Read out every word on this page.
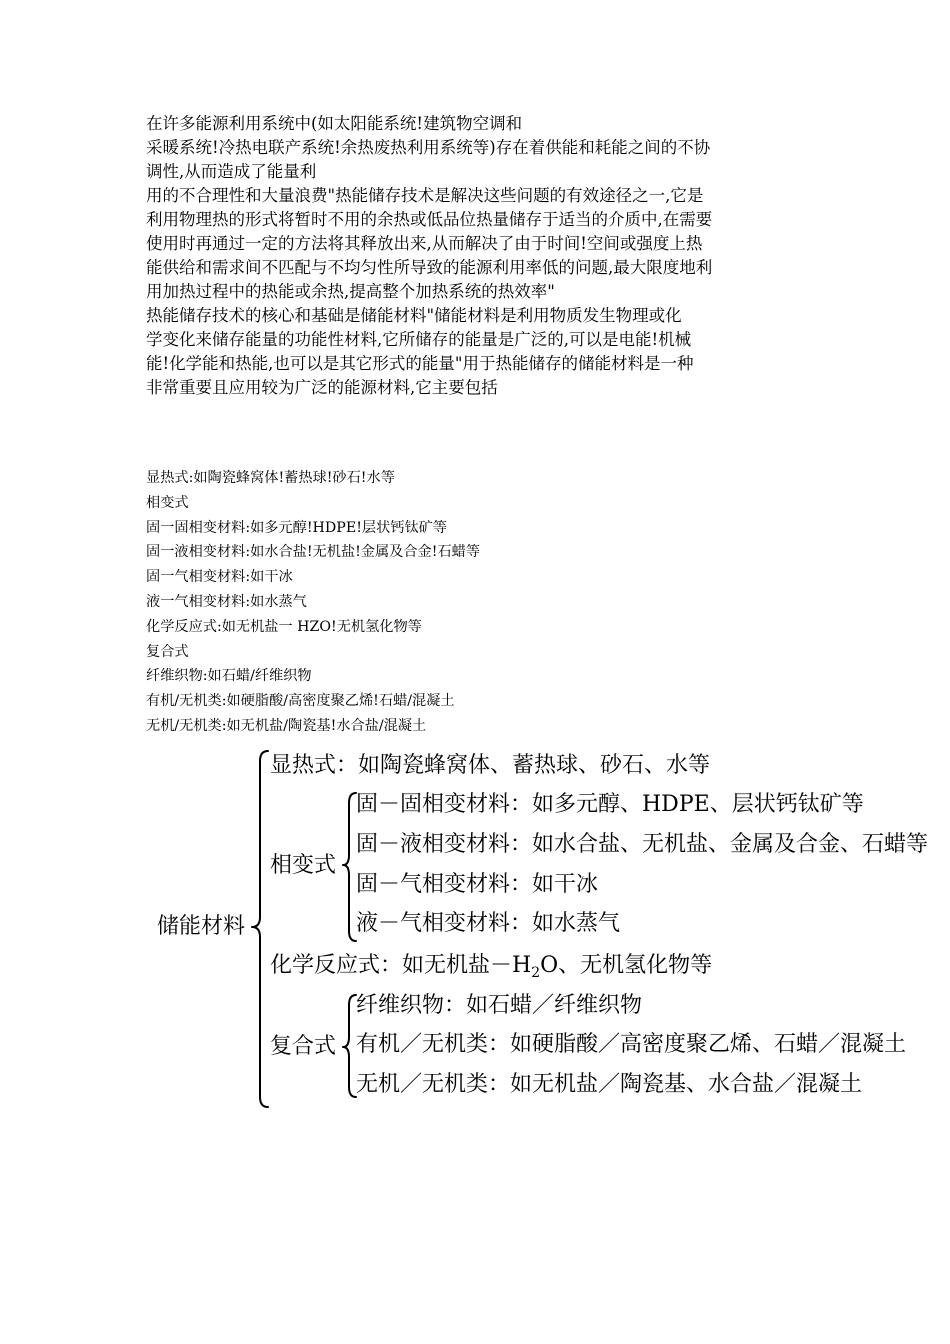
在许多能源利用系统中(如太阳能系统!建筑物空调和
采暖系统!冷热电联产系统!余热废热利用系统等)存在着供能和耗能之间的不协
调性,从而造成了能量利
用的不合理性和大量浪费"热能储存技术是解决这些问题的有效途径之一,它是
利用物理热的形式将暂时不用的余热或低品位热量储存于适当的介质中,在需要
使用时再通过一定的方法将其释放出来,从而解决了由于时间!空间或强度上热
能供给和需求间不匹配与不均匀性所导致的能源利用率低的问题,最大限度地利
用加热过程中的热能或余热,提高整个加热系统的热效率"
热能储存技术的核心和基础是储能材料"储能材料是利用物质发生物理或化
学变化来储存能量的功能性材料,它所储存的能量是广泛的,可以是电能!机械
能!化学能和热能,也可以是其它形式的能量"用于热能储存的储能材料是一种
非常重要且应用较为广泛的能源材料,它主要包括
显热式:如陶瓷蜂窝体!蓄热球!砂石!水等
相变式
固一固相变材料:如多元醇!HDPE!层状钙钛矿等
固一液相变材料:如水合盐!无机盐!金属及合金!石蜡等
固一气相变材料:如干冰
液一气相变材料:如水蒸气
化学反应式:如无机盐一 HZO!无机氢化物等
复合式
纤维织物:如石蜡/纤维织物
有机/无机类:如硬脂酸/高密度聚乙烯!石蜡/混凝土
无机/无机类:如无机盐/陶瓷基!水合盐/混凝土
储能材料
显热式：如陶瓷蜂窝体、蓄热球、砂石、水等
相变式
固－固相变材料：如多元醇、HDPE、层状钙钛矿等
固－液相变材料：如水合盐、无机盐、金属及合金、石蜡等
固－气相变材料：如干冰
液－气相变材料：如水蒸气
化学反应式：如无机盐$-H_2O$、无机氢化物等
复合式
纤维织物：如石蜡／纤维织物
有机／无机类：如硬脂酸／高密度聚乙烯、石蜡／混凝土
无机／无机类：如无机盐／陶瓷基、水合盐／混凝土
